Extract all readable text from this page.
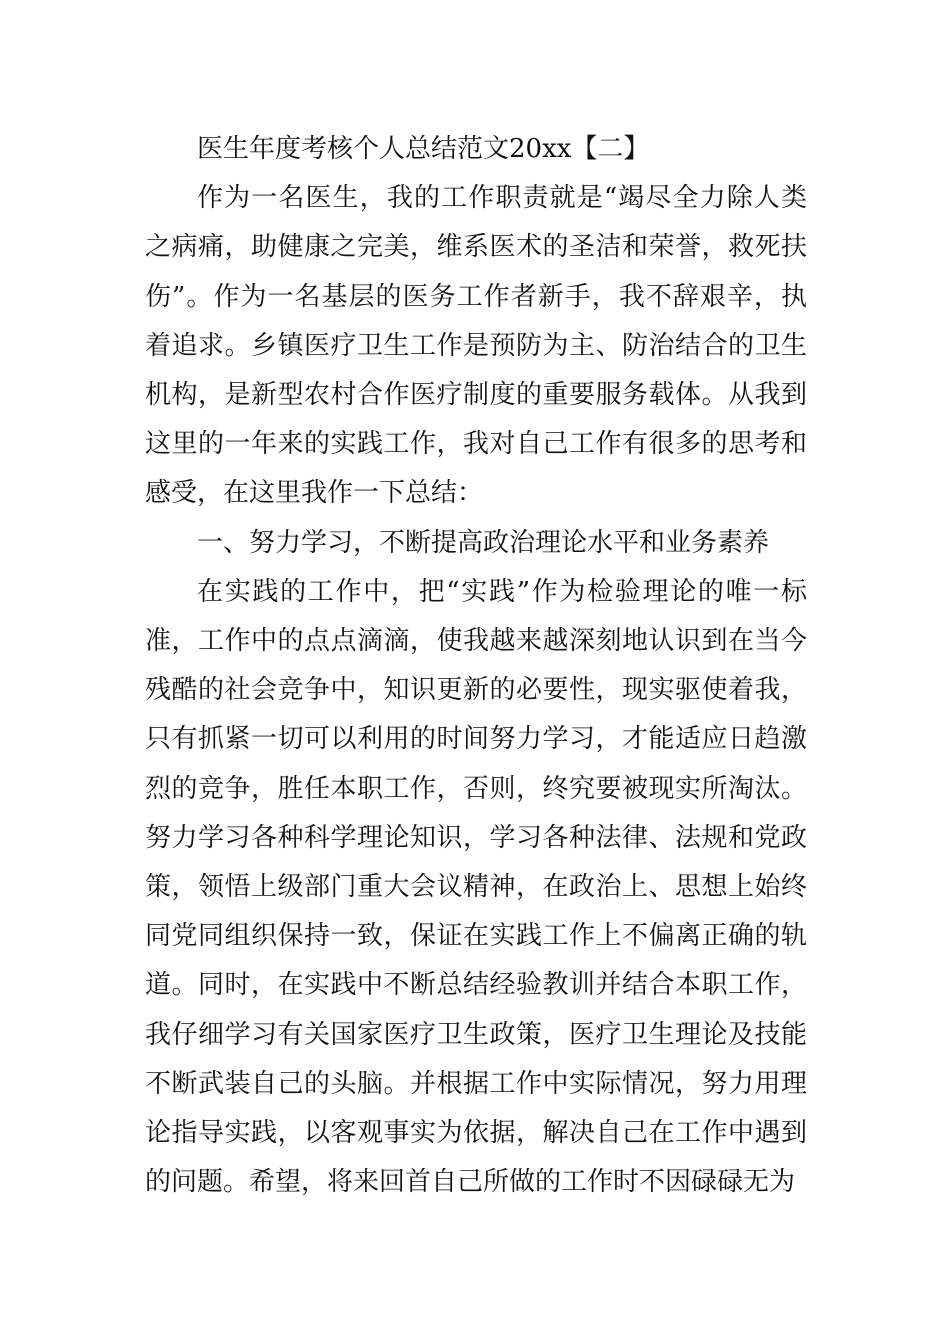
医生年度考核个人总结范文20xx【二】

作为一名医生，我的工作职责就是“竭尽全力除人类之病痛，助健康之完美，维系医术的圣洁和荣誉，救死扶伤”。作为一名基层的医务工作者新手，我不辞艰辛，执着追求。乡镇医疗卫生工作是预防为主、防治结合的卫生机构，是新型农村合作医疗制度的重要服务载体。从我到这里的一年来的实践工作，我对自己工作有很多的思考和感受，在这里我作一下总结：

一、努力学习，不断提高政治理论水平和业务素养

在实践的工作中，把“实践”作为检验理论的唯一标准，工作中的点点滴滴，使我越来越深刻地认识到在当今残酷的社会竞争中，知识更新的必要性，现实驱使着我，只有抓紧一切可以利用的时间努力学习，才能适应日趋激烈的竞争，胜任本职工作，否则，终究要被现实所淘汰。努力学习各种科学理论知识，学习各种法律、法规和党政策，领悟上级部门重大会议精神，在政治上、思想上始终同党同组织保持一致，保证在实践工作上不偏离正确的轨道。同时，在实践中不断总结经验教训并结合本职工作，我仔细学习有关国家医疗卫生政策，医疗卫生理论及技能不断武装自己的头脑。并根据工作中实际情况，努力用理论指导实践，以客观事实为依据，解决自己在工作中遇到的问题。希望，将来回首自己所做的工作时不因碌碌无为
